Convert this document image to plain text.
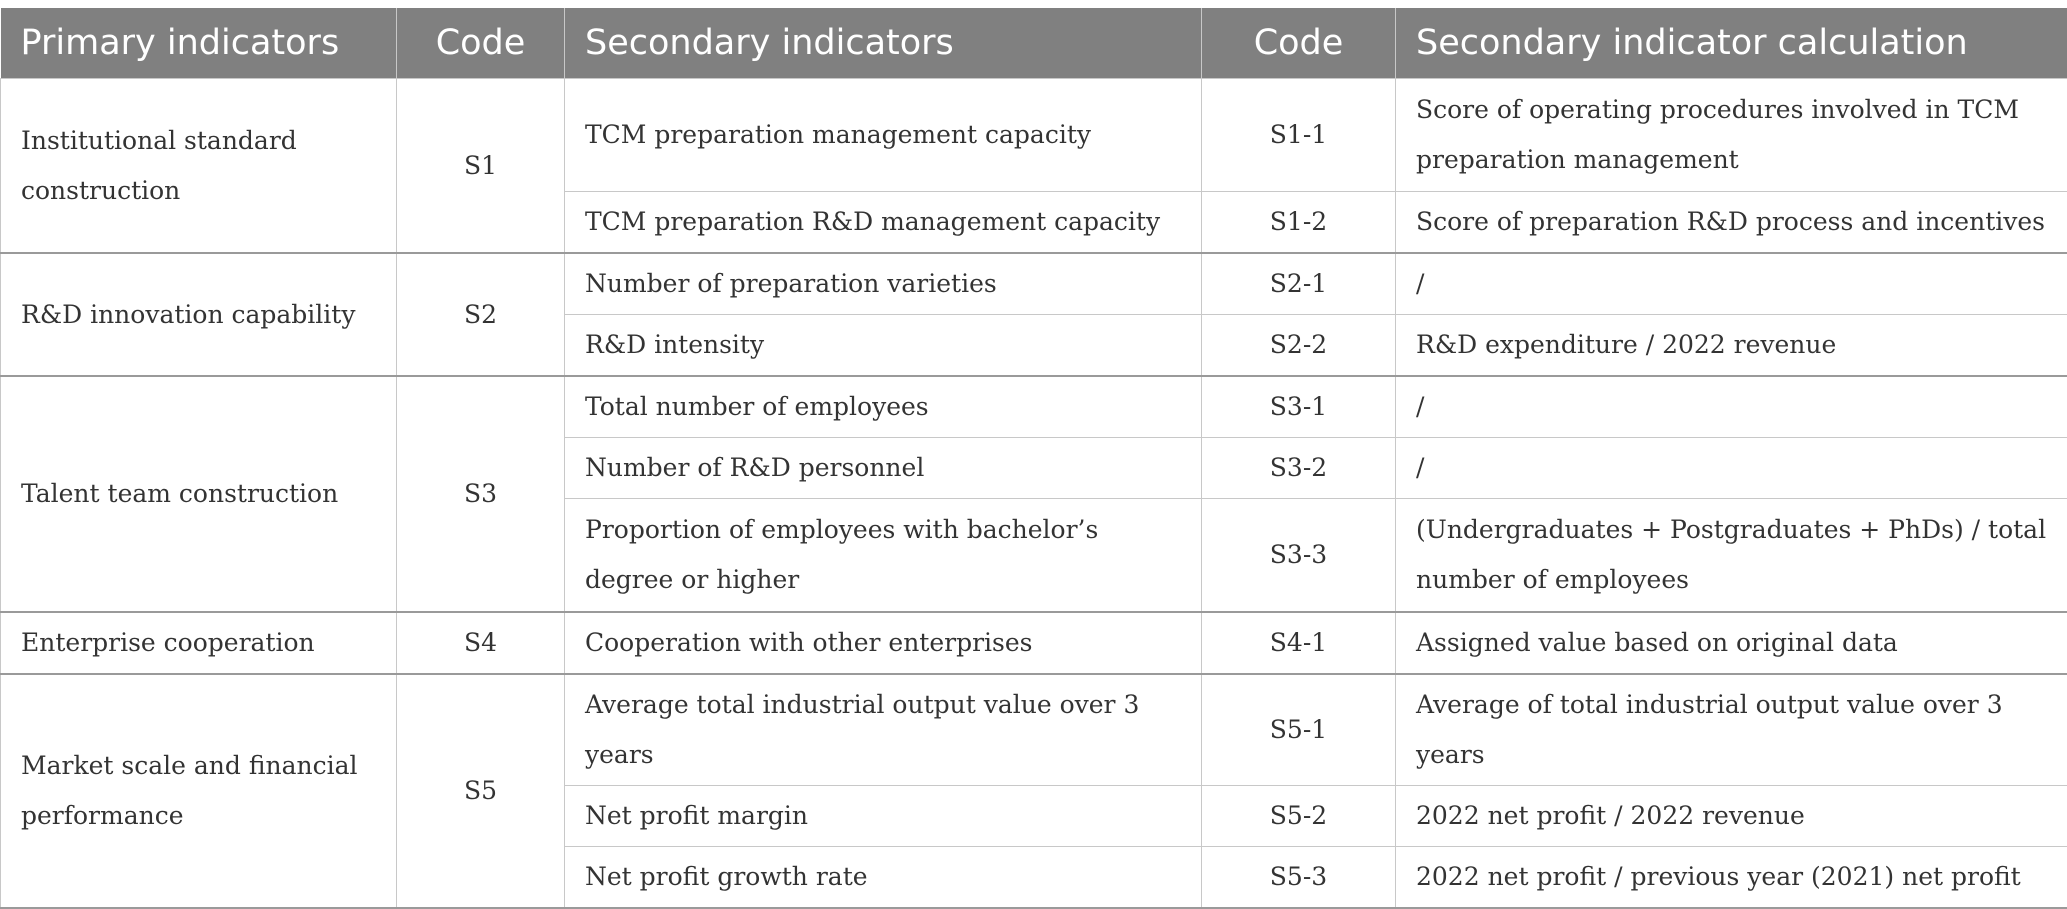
Primary indicators	Code	Secondary indicators	Code	Secondary indicator calculation
Institutional standard construction	S1	TCM preparation management capacity	S1-1	Score of operating procedures involved in TCM preparation management
		TCM preparation R&D management capacity	S1-2	Score of preparation R&D process and incentives
R&D innovation capability	S2	Number of preparation varieties	S2-1	/
		R&D intensity	S2-2	R&D expenditure / 2022 revenue
Talent team construction	S3	Total number of employees	S3-1	/
		Number of R&D personnel	S3-2	/
		Proportion of employees with bachelor’s degree or higher	S3-3	(Undergraduates + Postgraduates + PhDs) / total number of employees
Enterprise cooperation	S4	Cooperation with other enterprises	S4-1	Assigned value based on original data
Market scale and financial performance	S5	Average total industrial output value over 3 years	S5-1	Average of total industrial output value over 3 years
		Net profit margin	S5-2	2022 net profit / 2022 revenue
		Net profit growth rate	S5-3	2022 net profit / previous year (2021) net profit
